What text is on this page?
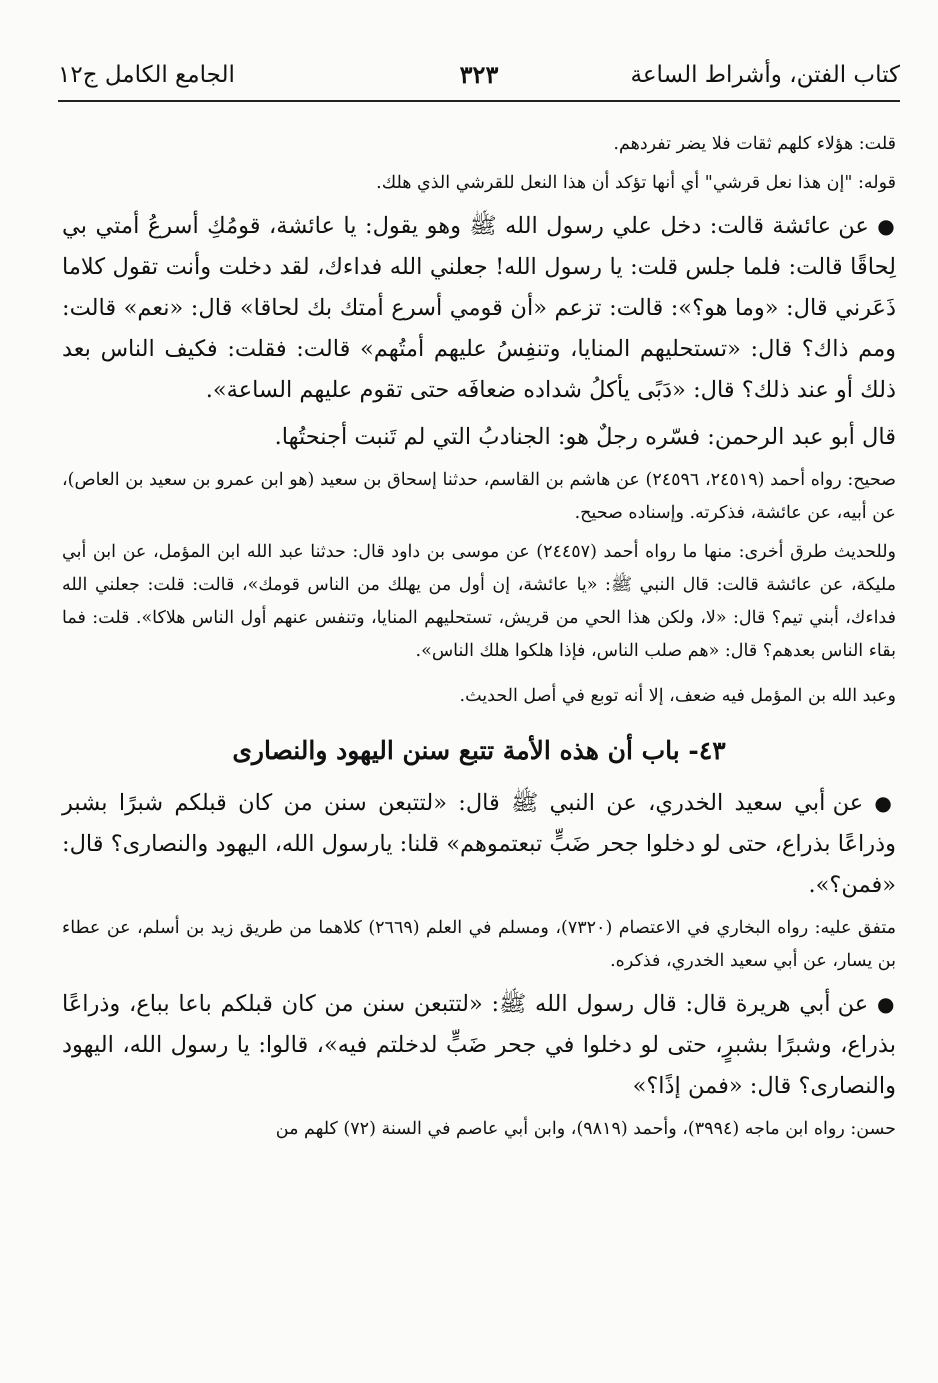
كتاب الفتن، وأشراط الساعة
٣٢٣
الجامع الكامل ج١٢

قلت: هؤلاء كلهم ثقات فلا يضر تفردهم.

قوله: "إن هذا نعل قرشي" أي أنها تؤكد أن هذا النعل للقرشي الذي هلك.

● عن عائشة قالت: دخل علي رسول الله ﷺ وهو يقول: يا عائشة، قومُكِ أسرعُ أمتي بي لِحاقًا قالت: فلما جلس قلت: يا رسول الله! جعلني الله فداءك، لقد دخلت وأنت تقول كلاما ذَعَرني قال: «وما هو؟»: قالت: تزعم «أن قومي أسرع أمتك بك لحاقا» قال: «نعم» قالت: ومم ذاك؟ قال: «تستحليهم المنايا، وتنفِسُ عليهم أمتُهم» قالت: فقلت: فكيف الناس بعد ذلك أو عند ذلك؟ قال: «دَبًى يأكلُ شداده ضعافَه حتى تقوم عليهم الساعة».

قال أبو عبد الرحمن: فسّره رجلٌ هو: الجنادبُ التي لم تَنبت أجنحتُها.

صحيح: رواه أحمد (٢٤٥١٩، ٢٤٥٩٦) عن هاشم بن القاسم، حدثنا إسحاق بن سعيد (هو ابن عمرو بن سعيد بن العاص)، عن أبيه، عن عائشة، فذكرته. وإسناده صحيح.

وللحديث طرق أخرى: منها ما رواه أحمد (٢٤٤٥٧) عن موسى بن داود قال: حدثنا عبد الله ابن المؤمل، عن ابن أبي مليكة، عن عائشة قالت: قال النبي ﷺ: «يا عائشة، إن أول من يهلك من الناس قومك»، قالت: قلت: جعلني الله فداءك، أبني تيم؟ قال: «لا، ولكن هذا الحي من قريش، تستحليهم المنايا، وتنفس عنهم أول الناس هلاكا». قلت: فما بقاء الناس بعدهم؟ قال: «هم صلب الناس، فإذا هلكوا هلك الناس».

وعبد الله بن المؤمل فيه ضعف، إلا أنه توبع في أصل الحديث.

٤٣- باب أن هذه الأمة تتبع سنن اليهود والنصارى

● عن أبي سعيد الخدري، عن النبي ﷺ قال: «لتتبعن سنن من كان قبلكم شبرًا بشبر وذراعًا بذراع، حتى لو دخلوا جحر ضَبٍّ تبعتموهم» قلنا: يارسول الله، اليهود والنصارى؟ قال: «فمن؟».

متفق عليه: رواه البخاري في الاعتصام (٧٣٢٠)، ومسلم في العلم (٢٦٦٩) كلاهما من طريق زيد بن أسلم، عن عطاء بن يسار، عن أبي سعيد الخدري، فذكره.

● عن أبي هريرة قال: قال رسول الله ﷺ: «لتتبعن سنن من كان قبلكم باعا بباع، وذراعًا بذراع، وشبرًا بشبرٍ، حتى لو دخلوا في جحر ضَبٍّ لدخلتم فيه»، قالوا: يا رسول الله، اليهود والنصارى؟ قال: «فمن إذًا؟»

حسن: رواه ابن ماجه (٣٩٩٤)، وأحمد (٩٨١٩)، وابن أبي عاصم في السنة (٧٢) كلهم من
